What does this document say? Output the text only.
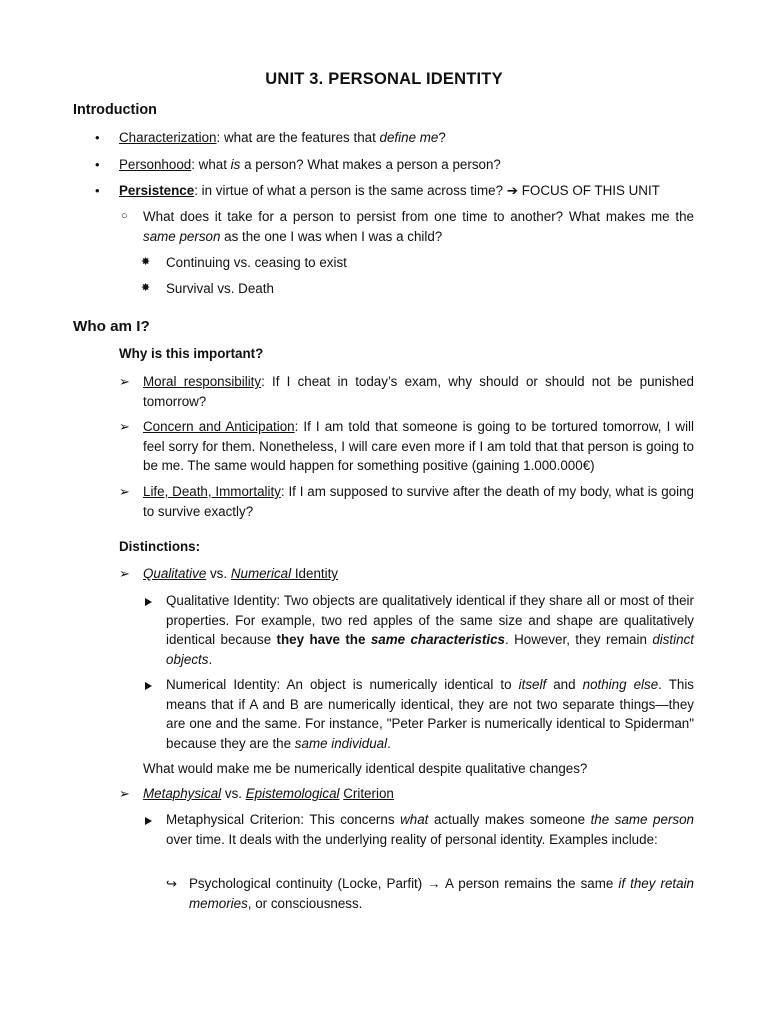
UNIT 3. PERSONAL IDENTITY
Introduction
• Characterization: what are the features that define me?
• Personhood: what is a person? What makes a person a person?
• Persistence: in virtue of what a person is the same across time? ➔ FOCUS OF THIS UNIT
○ What does it take for a person to persist from one time to another? What makes me the same person as the one I was when I was a child?
✸ Continuing vs. ceasing to exist
✸ Survival vs. Death
Who am I?
Why is this important?
➢ Moral responsibility: If I cheat in today’s exam, why should or should not be punished tomorrow?
➢ Concern and Anticipation: If I am told that someone is going to be tortured tomorrow, I will feel sorry for them. Nonetheless, I will care even more if I am told that that person is going to be me. The same would happen for something positive (gaining 1.000.000€)
➢ Life, Death, Immortality: If I am supposed to survive after the death of my body, what is going to survive exactly?
Distinctions:
➢ Qualitative vs. Numerical Identity
Qualitative Identity: Two objects are qualitatively identical if they share all or most of their properties. For example, two red apples of the same size and shape are qualitatively identical because they have the same characteristics. However, they remain distinct objects.
Numerical Identity: An object is numerically identical to itself and nothing else. This means that if A and B are numerically identical, they are not two separate things—they are one and the same. For instance, "Peter Parker is numerically identical to Spiderman" because they are the same individual.
What would make me be numerically identical despite qualitative changes?
➢ Metaphysical vs. Epistemological Criterion
Metaphysical Criterion: This concerns what actually makes someone the same person over time. It deals with the underlying reality of personal identity. Examples include:
↪ Psychological continuity (Locke, Parfit) → A person remains the same if they retain memories, or consciousness.
